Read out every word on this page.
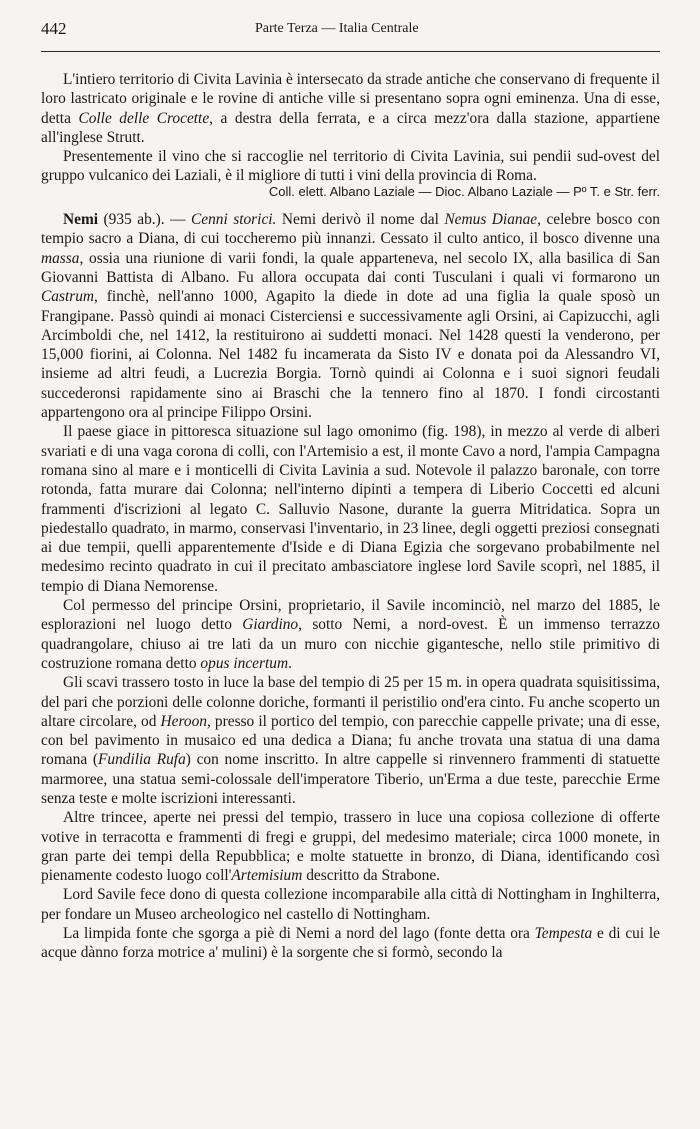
442	Parte Terza — Italia Centrale

L'intiero territorio di Civita Lavinia è intersecato da strade antiche che conservano di frequente il loro lastricato originale e le rovine di antiche ville si presentano sopra ogni eminenza. Una di esse, detta Colle delle Crocette, a destra della ferrata, e a circa mezz'ora dalla stazione, appartiene all'inglese Strutt.

Presentemente il vino che si raccoglie nel territorio di Civita Lavinia, sui pendii sud-ovest del gruppo vulcanico dei Laziali, è il migliore di tutti i vini della provincia di Roma.
Coll. elett. Albano Laziale — Dioc. Albano Laziale — Pº T. e Str. ferr.

Nemi (935 ab.). — Cenni storici. Nemi derivò il nome dal Nemus Dianae, celebre bosco con tempio sacro a Diana, di cui toccheremo più innanzi. Cessato il culto antico, il bosco divenne una massa, ossia una riunione di varii fondi, la quale apparteneva, nel secolo IX, alla basilica di San Giovanni Battista di Albano. Fu allora occupata dai conti Tusculani i quali vi formarono un Castrum, finchè, nell'anno 1000, Agapito la diede in dote ad una figlia la quale sposò un Frangipane. Passò quindi ai monaci Cisterciensi e successivamente agli Orsini, ai Capizucchi, agli Arcimboldi che, nel 1412, la restituirono ai suddetti monaci. Nel 1428 questi la venderono, per 15,000 fiorini, ai Colonna. Nel 1482 fu incamerata da Sisto IV e donata poi da Alessandro VI, insieme ad altri feudi, a Lucrezia Borgia. Tornò quindi ai Colonna e i suoi signori feudali succederonsi rapidamente sino ai Braschi che la tennero fino al 1870. I fondi circostanti appartengono ora al principe Filippo Orsini.

Il paese giace in pittoresca situazione sul lago omonimo (fig. 198), in mezzo al verde di alberi svariati e di una vaga corona di colli, con l'Artemisio a est, il monte Cavo a nord, l'ampia Campagna romana sino al mare e i monticelli di Civita Lavinia a sud. Notevole il palazzo baronale, con torre rotonda, fatta murare dai Colonna; nell'interno dipinti a tempera di Liberio Coccetti ed alcuni frammenti d'iscrizioni al legato C. Salluvio Nasone, durante la guerra Mitridatica. Sopra un piedestallo quadrato, in marmo, conservasi l'inventario, in 23 linee, degli oggetti preziosi consegnati ai due tempii, quelli apparentemente d'Iside e di Diana Egizia che sorgevano probabilmente nel medesimo recinto quadrato in cui il precitato ambasciatore inglese lord Savile scoprì, nel 1885, il tempio di Diana Nemorense.

Col permesso del principe Orsini, proprietario, il Savile incominciò, nel marzo del 1885, le esplorazioni nel luogo detto Giardino, sotto Nemi, a nord-ovest. È un immenso terrazzo quadrangolare, chiuso ai tre lati da un muro con nicchie gigantesche, nello stile primitivo di costruzione romana detto opus incertum.

Gli scavi trassero tosto in luce la base del tempio di 25 per 15 m. in opera quadrata squisitissima, del pari che porzioni delle colonne doriche, formanti il peristilio ond'era cinto. Fu anche scoperto un altare circolare, od Heroon, presso il portico del tempio, con parecchie cappelle private; una di esse, con bel pavimento in musaico ed una dedica a Diana; fu anche trovata una statua di una dama romana (Fundilia Rufa) con nome inscritto. In altre cappelle si rinvennero frammenti di statuette marmoree, una statua semi-colossale dell'imperatore Tiberio, un'Erma a due teste, parecchie Erme senza teste e molte iscrizioni interessanti.

Altre trincee, aperte nei pressi del tempio, trassero in luce una copiosa collezione di offerte votive in terracotta e frammenti di fregi e gruppi, del medesimo materiale; circa 1000 monete, in gran parte dei tempi della Repubblica; e molte statuette in bronzo, di Diana, identificando così pienamente codesto luogo coll'Artemisium descritto da Strabone.

Lord Savile fece dono di questa collezione incomparabile alla città di Nottingham in Inghilterra, per fondare un Museo archeologico nel castello di Nottingham.

La limpida fonte che sgorga a piè di Nemi a nord del lago (fonte detta ora Tempesta e di cui le acque dànno forza motrice a' mulini) è la sorgente che si formò, secondo la
